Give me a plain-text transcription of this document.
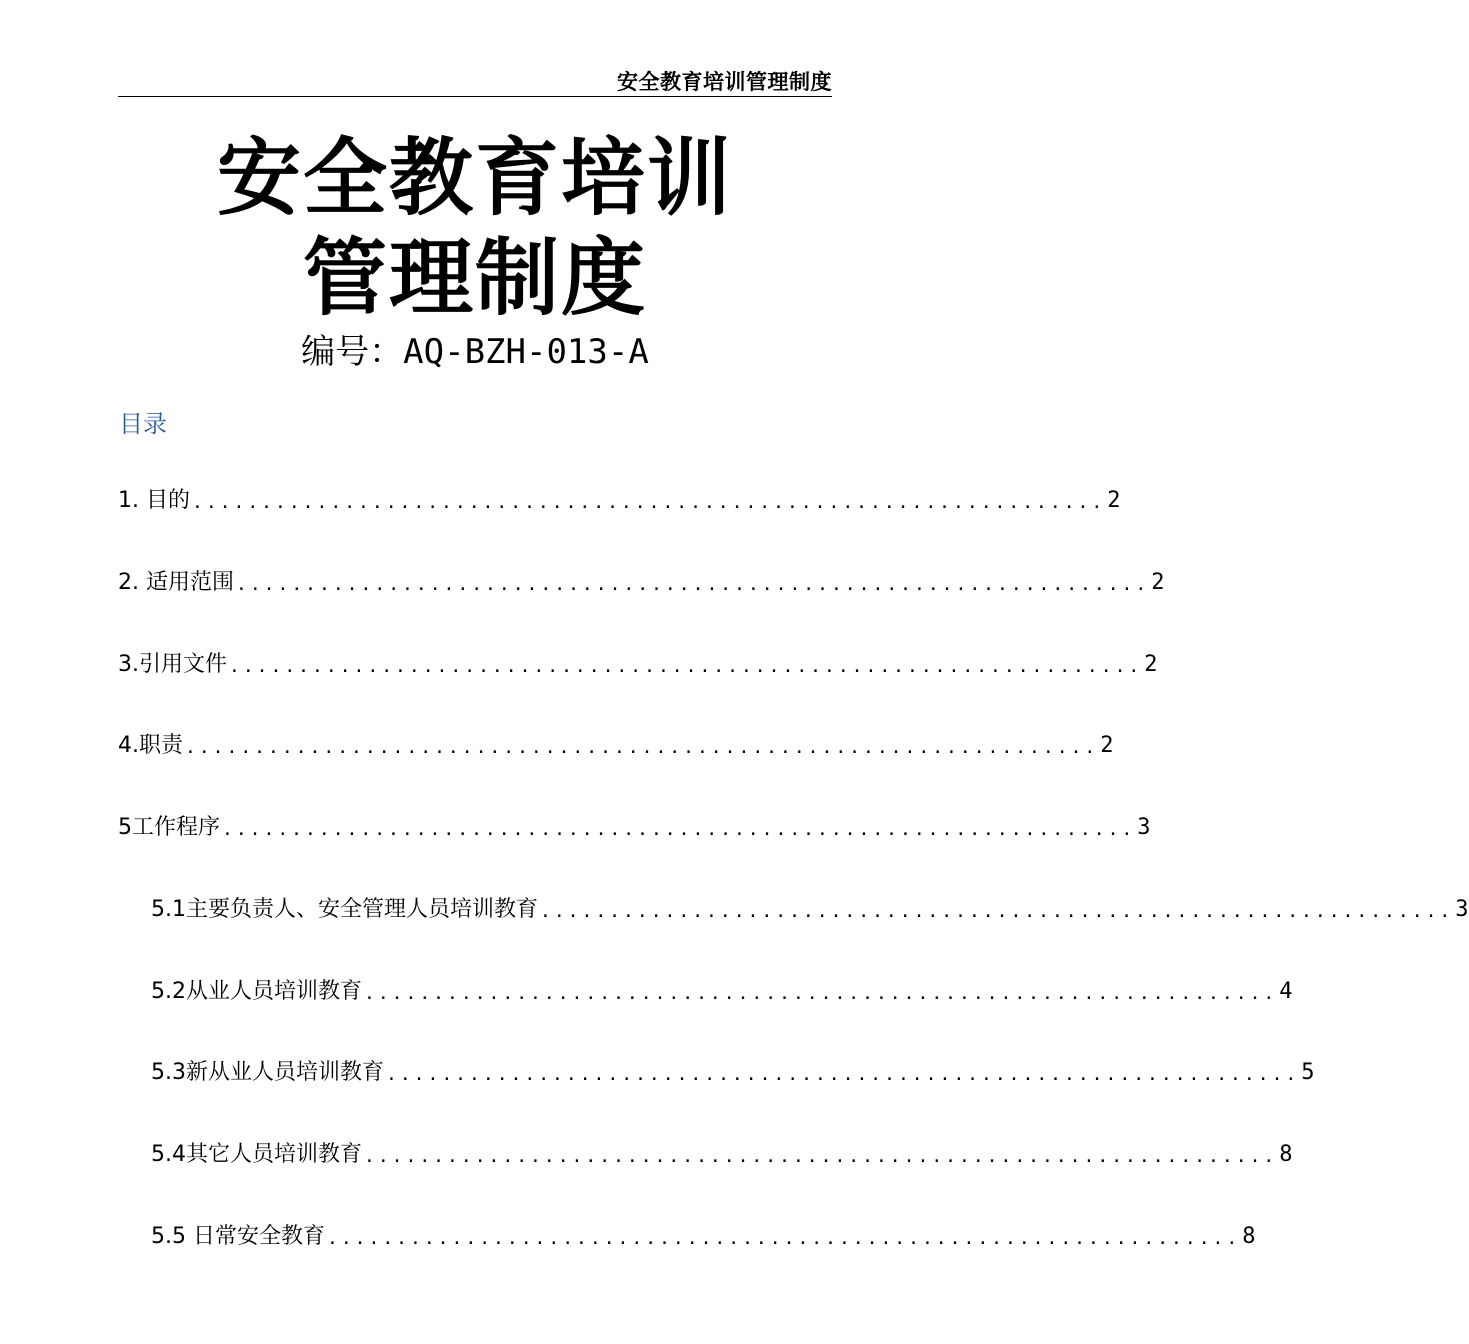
安全教育培训管理制度
安全教育培训
管理制度
编号：AQ-BZH-013-A
目录
1. 目的 .................................................................. 2
2. 适用范围 .................................................................. 2
3.引用文件 .................................................................. 2
4.职责 .................................................................. 2
5工作程序 .................................................................. 3
5.1主要负责人、安全管理人员培训教育 .................................................................. 3
5.2从业人员培训教育 .................................................................. 4
5.3新从业人员培训教育 .................................................................. 5
5.4其它人员培训教育 .................................................................. 8
5.5 日常安全教育 .................................................................. 8
